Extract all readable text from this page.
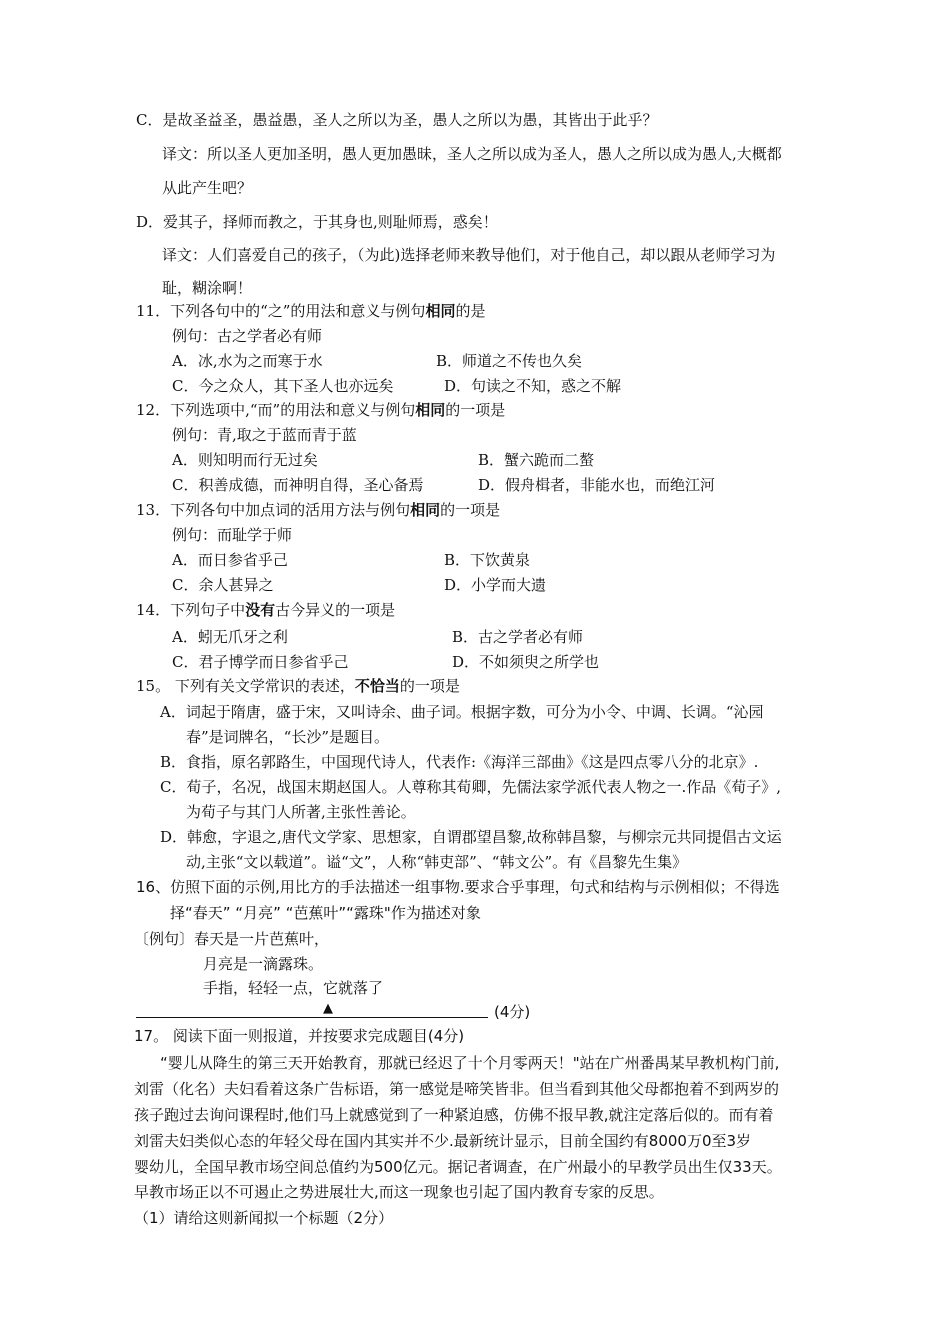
C．是故圣益圣，愚益愚，圣人之所以为圣，愚人之所以为愚，其皆出于此乎？
译文：所以圣人更加圣明，愚人更加愚昧，圣人之所以成为圣人，愚人之所以成为愚人,大概都
从此产生吧？
D．爱其子，择师而教之，于其身也,则耻师焉，惑矣！
译文：人们喜爱自己的孩子，（为此)选择老师来教导他们，对于他自己，却以跟从老师学习为
耻，糊涂啊！
11．下列各句中的“之”的用法和意义与例句相同的是
例句：古之学者必有师
A．冰,水为之而寒于水	B．师道之不传也久矣
C．今之众人，其下圣人也亦远矣	D．句读之不知，惑之不解
12．下列选项中,“而”的用法和意义与例句相同的一项是
例句：青,取之于蓝而青于蓝
A．则知明而行无过矣	B．蟹六跪而二螯
C．积善成德，而神明自得，圣心备焉	D．假舟楫者，非能水也，而绝江河
13．下列各句中加点词的活用方法与例句相同的一项是
例句：而耻学于师
A．而日参省乎己	B．下饮黄泉
C．余人甚异之	D．小学而大遗
14．下列句子中没有古今异义的一项是
A．蚓无爪牙之利	B．古之学者必有师
C．君子博学而日参省乎己	D．不如须臾之所学也
15。 下列有关文学常识的表述，不恰当的一项是
A．词起于隋唐，盛于宋，又叫诗余、曲子词。根据字数，可分为小令、中调、长调。“沁园
春”是词牌名，“长沙”是题目。
B．食指，原名郭路生，中国现代诗人，代表作:《海洋三部曲》《这是四点零八分的北京》.
C．荀子，名况，战国末期赵国人。人尊称其荀卿，先儒法家学派代表人物之一.作品《荀子》,
为荀子与其门人所著,主张性善论。
D．韩愈，字退之,唐代文学家、思想家，自谓郡望昌黎,故称韩昌黎，与柳宗元共同提倡古文运
动,主张“文以载道”。谥“文”，人称“韩吏部”、“韩文公”。有《昌黎先生集》
16、仿照下面的示例,用比方的手法描述一组事物.要求合乎事理，句式和结构与示例相似；不得选
择“春天” “月亮” “芭蕉叶”“露珠"作为描述对象
〔例句〕春天是一片芭蕉叶，
月亮是一滴露珠。
手指，轻轻一点，它就落了
▲	(4分)
17。 阅读下面一则报道，并按要求完成题目(4分)
“婴儿从降生的第三天开始教育，那就已经迟了十个月零两天！"站在广州番禺某早教机构门前,
刘雷（化名）夫妇看着这条广告标语，第一感觉是啼笑皆非。但当看到其他父母都抱着不到两岁的
孩子跑过去询问课程时,他们马上就感觉到了一种紧迫感，仿佛不报早教,就注定落后似的。而有着
刘雷夫妇类似心态的年轻父母在国内其实并不少.最新统计显示，目前全国约有8000万0至3岁
婴幼儿，全国早教市场空间总值约为500亿元。据记者调查，在广州最小的早教学员出生仅33天。
早教市场正以不可遏止之势进展壮大,而这一现象也引起了国内教育专家的反思。
（1）请给这则新闻拟一个标题（2分）
